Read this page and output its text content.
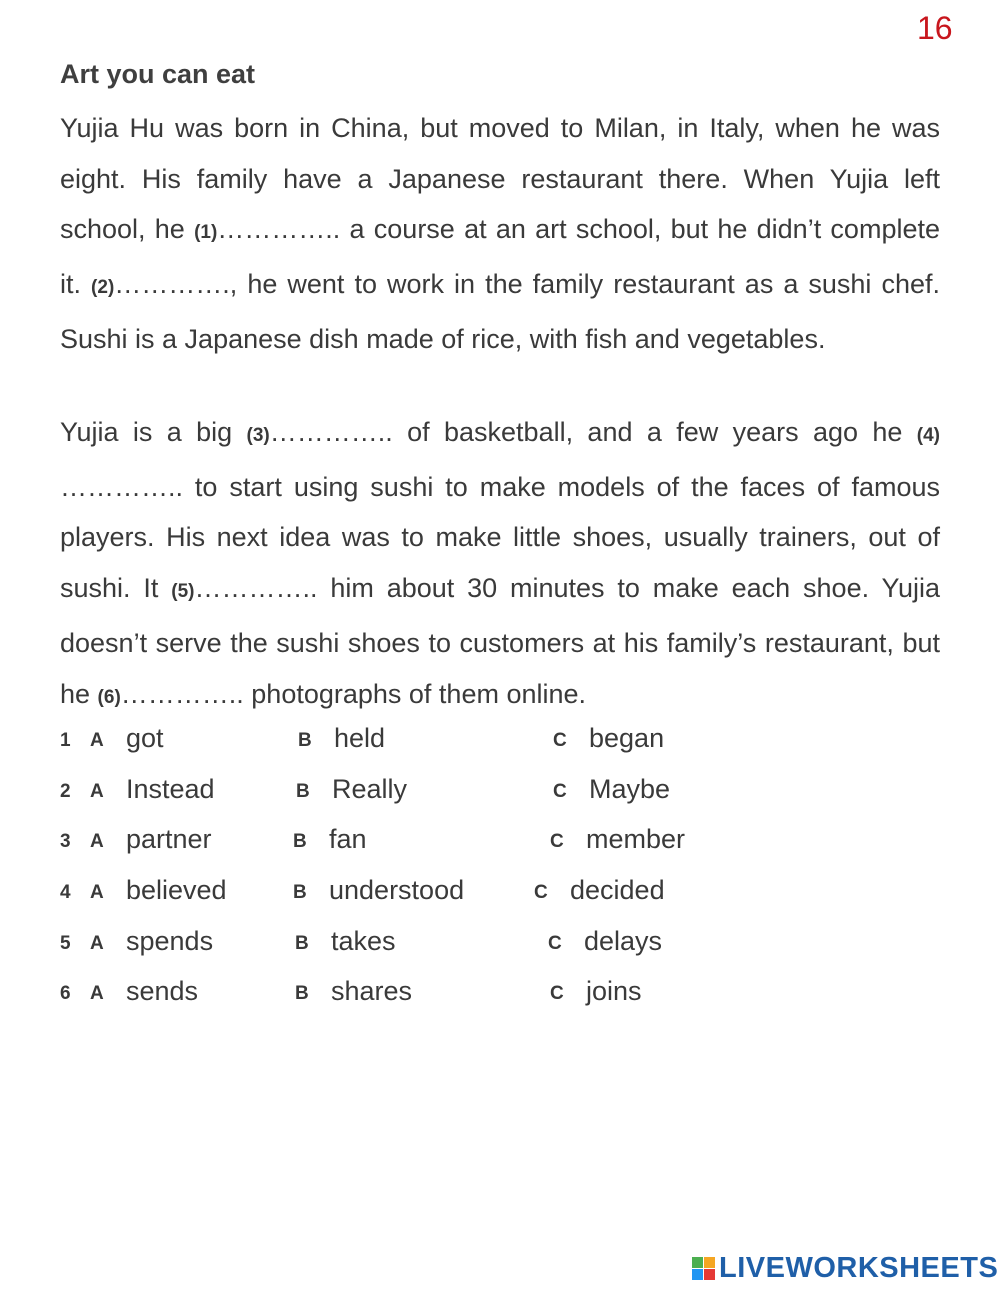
16
Art you can eat

Yujia Hu was born in China, but moved to Milan, in Italy, when he was eight. His family have a Japanese restaurant there. When Yujia left school, he (1)………….. a course at an art school, but he didn’t complete it. (2)…………., he went to work in the family restaurant as a sushi chef. Sushi is a Japanese dish made of rice, with fish and vegetables.

Yujia is a big (3)………….. of basketball, and a few years ago he (4) ………….. to start using sushi to make models of the faces of famous players. His next idea was to make little shoes, usually trainers, out of sushi. It (5)………….. him about 30 minutes to make each shoe. Yujia doesn’t serve the sushi shoes to customers at his family’s restaurant, but he (6)………….. photographs of them online.

1 A got	B held	C began
2 A Instead	B Really	C Maybe
3 A partner	B fan	C member
4 A believed	B understood	C decided
5 A spends	B takes	C delays
6 A sends	B shares	C joins
LIVEWORKSHEETS
